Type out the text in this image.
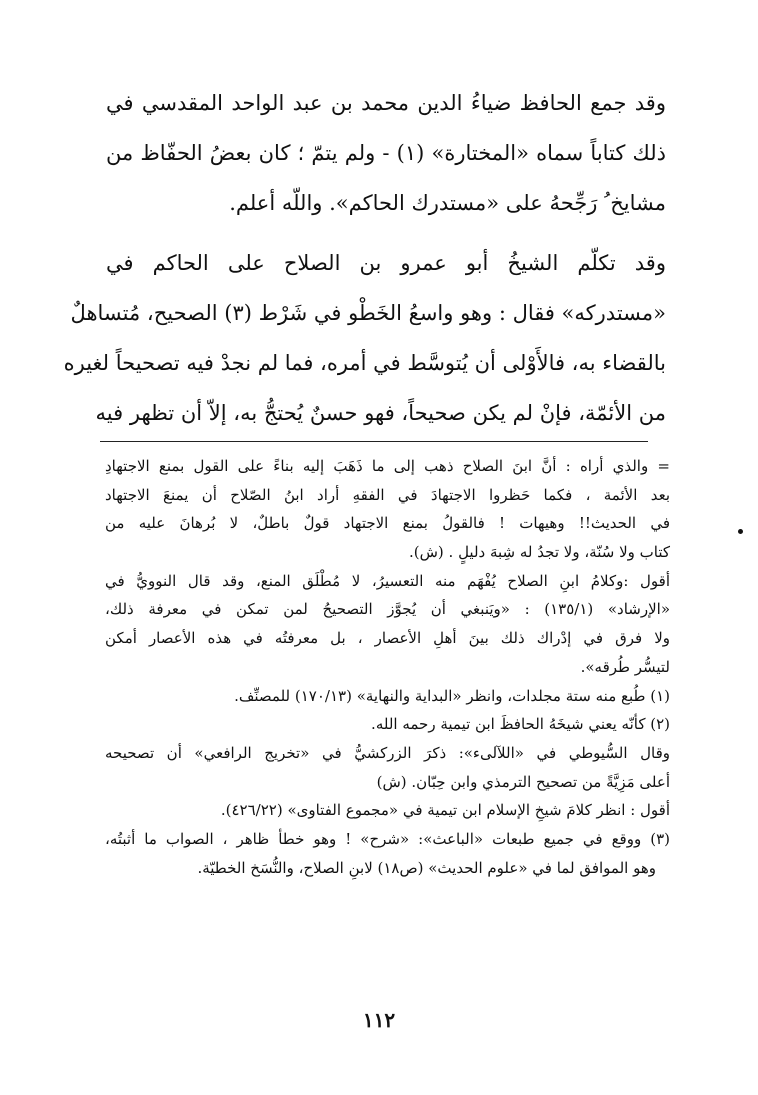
وقد جمع الحافظ ضياءُ الدين محمد بن عبد الواحد المقدسي في
ذلك كتاباً سماه «المختارة» (١) - ولم يتمّ ؛ كان بعضُ الحفّاظ من
مشايخ ُ رَجِّحهُ على «مستدرك الحاكم». واللّه أعلم.
وقد تكلّم الشيخُ أبو عمرو بن الصلاح على الحاكم في
«مستدركه» فقال : وهو واسعُ الخَطْو في شَرْط (٣) الصحيح، مُتساهلٌ
بالقضاء به، فالأَوْلى أن يُتوسَّط في أمره، فما لم نجدْ فيه تصحيحاً لغيره
من الأئمّة، فإنْ لم يكن صحيحاً، فهو حسنٌ يُحتجُّ به، إلاّ أن تظهر فيه
= والذي أراه : أنَّ ابنَ الصلاح ذهب إلى ما ذَهَبَ إليه بناءً على القول بمنع الاجتهادِ
بعد الأئمة ، فكما حَظروا الاجتهادَ في الفقهِ أراد ابنُ الصّلاح أن يمنعَ الاجتهاد
في الحديث!! وهيهات ! فالقولُ بمنع الاجتهاد قولٌ باطلٌ، لا بُرهانَ عليه من
كتاب ولا سُنّة، ولا تجدُ له شِبهَ دليلٍ . (ش).
أقول :وكلامُ ابنِ الصلاح يُفْهَم منه التعسيرُ، لا مُطْلَق المنع، وقد قال النوويُّ في
«الإرشاد» (١٣٥/١) : «ويَنبغي أن يُجوَّز التصحيحُ لمن تمكن في معرفة ذلك،
ولا فرق في إدْراك ذلك بينَ أهلِ الأعصار ، بل معرفتُه في هذه الأعصار أمكن
لتيسُّر طُرقه».
(١) طُبع منه ستة مجلدات، وانظر «البداية والنهاية» (١٧٠/١٣) للمصنِّف.
(٢) كأنّه يعني شيخَهُ الحافظَ ابن تيمية رحمه الله.
وقال السُّيوطي في «اللآلىء»: ذكرَ الزركشيُّ في «تخريج الرافعي» أن تصحيحه
أعلى مَزِيَّةً من تصحيح الترمذي وابن حِبّان. (ش)
أقول : انظر كلامَ شيخِ الإسلام ابن تيمية في «مجموع الفتاوى» (٤٢٦/٢٢).
(٣) ووقع في جميع طبعات «الباعث»: «شرح» ! وهو خطأ ظاهر ، الصواب ما أثبتُه،
وهو الموافق لما في «علوم الحديث» (ص١٨) لابنِ الصلاح، والنُّسَخ الخطيّة.
١١٢
